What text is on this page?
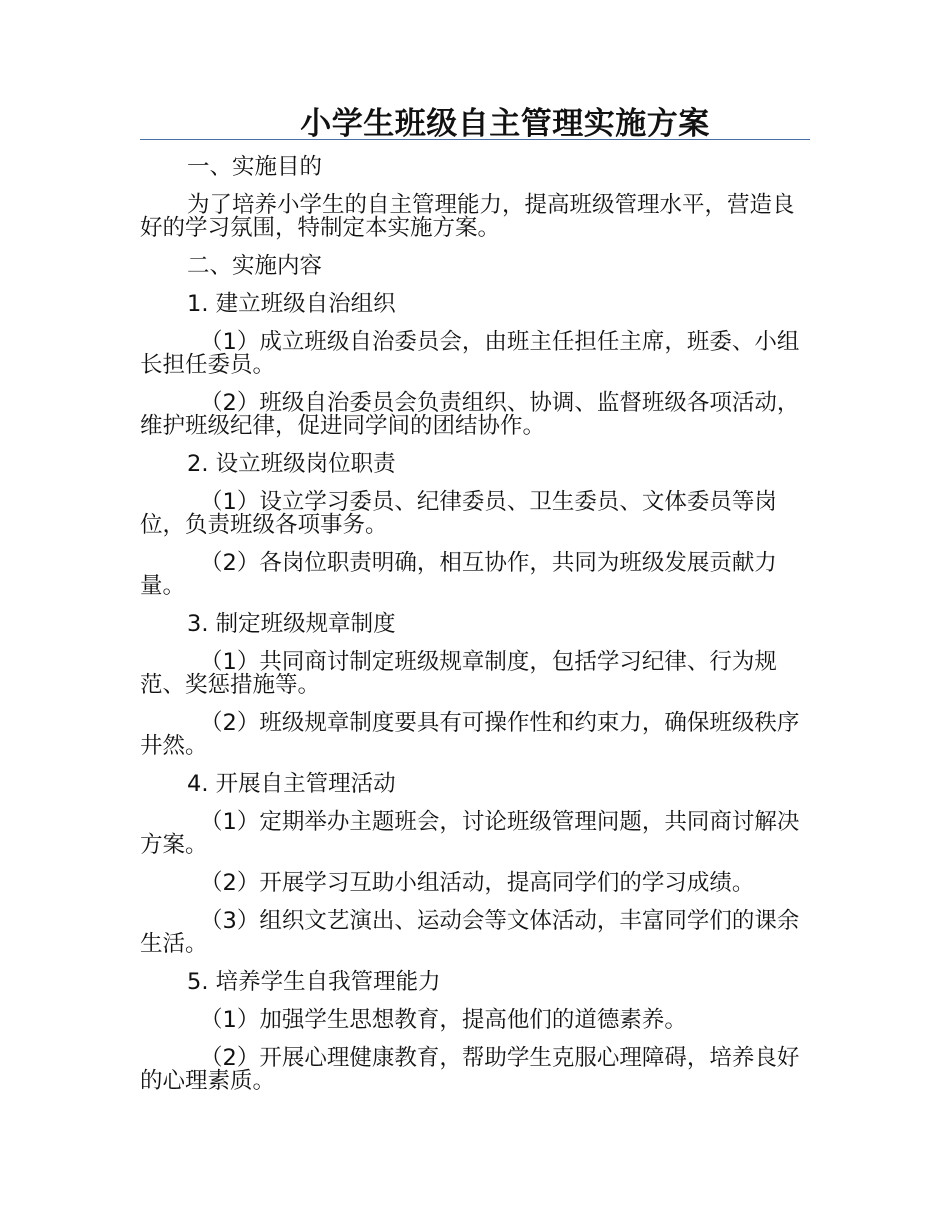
小学生班级自主管理实施方案

一、实施目的

为了培养小学生的自主管理能力，提高班级管理水平，营造良好的学习氛围，特制定本实施方案。

二、实施内容

1. 建立班级自治组织

（1）成立班级自治委员会，由班主任担任主席，班委、小组长担任委员。

（2）班级自治委员会负责组织、协调、监督班级各项活动，维护班级纪律，促进同学间的团结协作。

2. 设立班级岗位职责

（1）设立学习委员、纪律委员、卫生委员、文体委员等岗位，负责班级各项事务。

（2）各岗位职责明确，相互协作，共同为班级发展贡献力量。

3. 制定班级规章制度

（1）共同商讨制定班级规章制度，包括学习纪律、行为规范、奖惩措施等。

（2）班级规章制度要具有可操作性和约束力，确保班级秩序井然。

4. 开展自主管理活动

（1）定期举办主题班会，讨论班级管理问题，共同商讨解决方案。

（2）开展学习互助小组活动，提高同学们的学习成绩。

（3）组织文艺演出、运动会等文体活动，丰富同学们的课余生活。

5. 培养学生自我管理能力

（1）加强学生思想教育，提高他们的道德素养。

（2）开展心理健康教育，帮助学生克服心理障碍，培养良好的心理素质。
